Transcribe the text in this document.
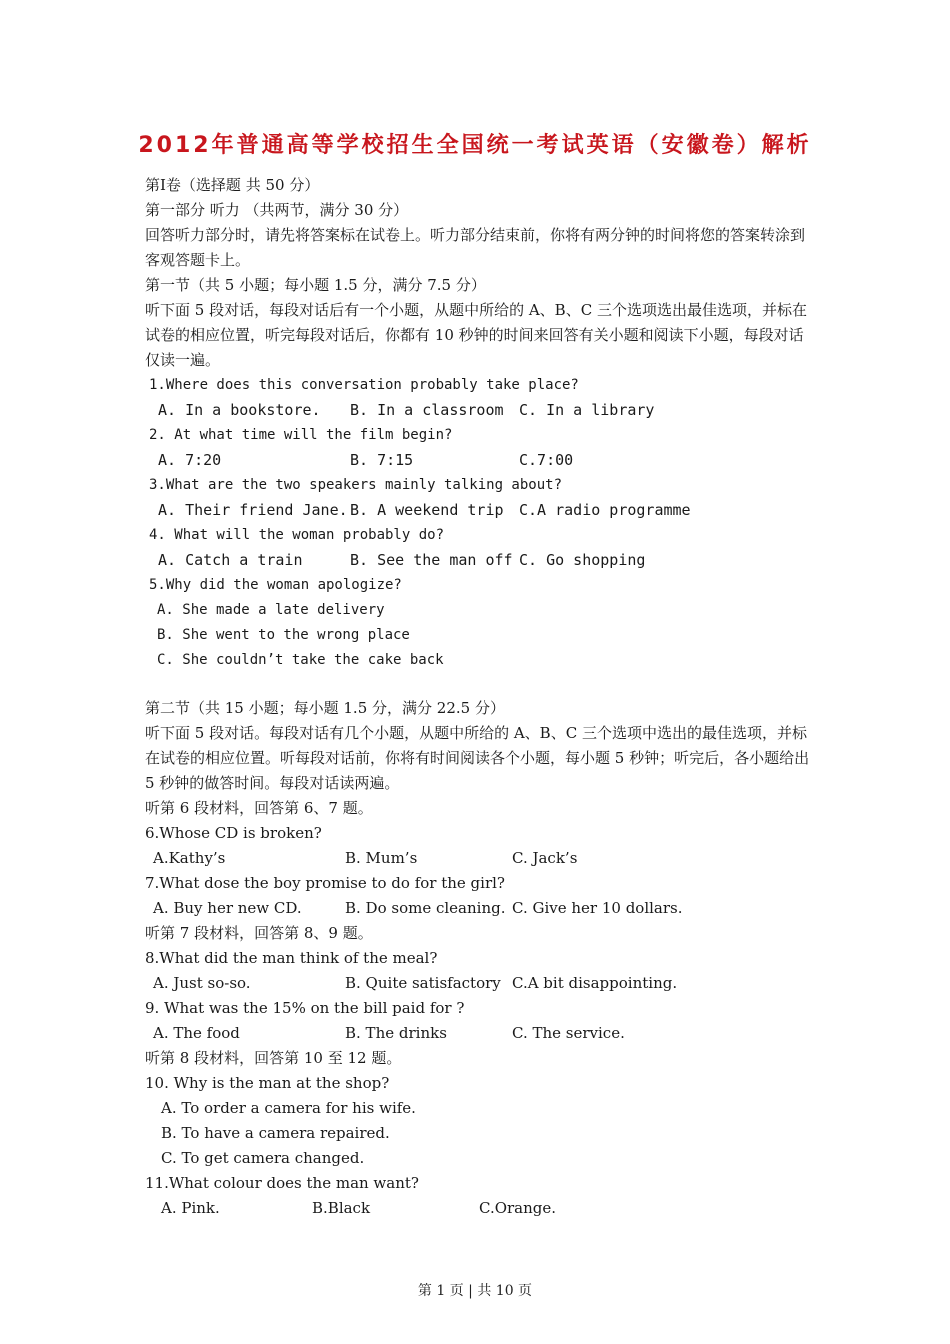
2012年普通高等学校招生全国统一考试英语（安徽卷）解析
第Ⅰ卷（选择题 共 50 分）
第一部分 听力 （共两节，满分 30 分）
回答听力部分时，请先将答案标在试卷上。听力部分结束前，你将有两分钟的时间将您的答案转涂到客观答题卡上。
第一节（共 5 小题；每小题 1.5 分，满分 7.5 分）
听下面 5 段对话，每段对话后有一个小题，从题中所给的 A、B、C 三个选项选出最佳选项，并标在试卷的相应位置，听完每段对话后，你都有 10 秒钟的时间来回答有关小题和阅读下小题，每段对话仅读一遍。
1.Where does this conversation probably take place?
A. In a bookstore. B. In a classroom C. In a library
2. At what time will the film begin?
A. 7:20	B. 7:15	C.7:00
3.What are the two speakers mainly talking about?
A. Their friend Jane. B. A weekend trip C.A radio programme
4. What will the woman probably do?
A. Catch a train	B. See the man off C. Go shopping
5.Why did the woman apologize?
A. She made a late delivery
B. She went to the wrong place
C. She couldn’t take the cake back
第二节（共 15 小题；每小题 1.5 分，满分 22.5 分）
听下面 5 段对话。每段对话有几个小题，从题中所给的 A、B、C 三个选项中选出的最佳选项，并标在试卷的相应位置。听每段对话前，你将有时间阅读各个小题，每小题 5 秒钟；听完后，各小题给出 5 秒钟的做答时间。每段对话读两遍。
听第 6 段材料，回答第 6、7 题。
6.Whose CD is broken?
A.Kathy’s	B. Mum’s	C. Jack’s
7.What dose the boy promise to do for the girl?
A. Buy her new CD.	B. Do some cleaning. C. Give her 10 dollars.
听第 7 段材料，回答第 8、9 题。
8.What did the man think of the meal?
A. Just so-so.	B. Quite satisfactory C.A bit disappointing.
9. What was the 15% on the bill paid for ?
A. The food	B. The drinks	C. The service.
听第 8 段材料，回答第 10 至 12 题。
10. Why is the man at the shop?
A. To order a camera for his wife.
B. To have a camera repaired.
C. To get camera changed.
11.What colour does the man want?
A. Pink.	B.Black	C.Orange.
第 1 页 | 共 10 页
